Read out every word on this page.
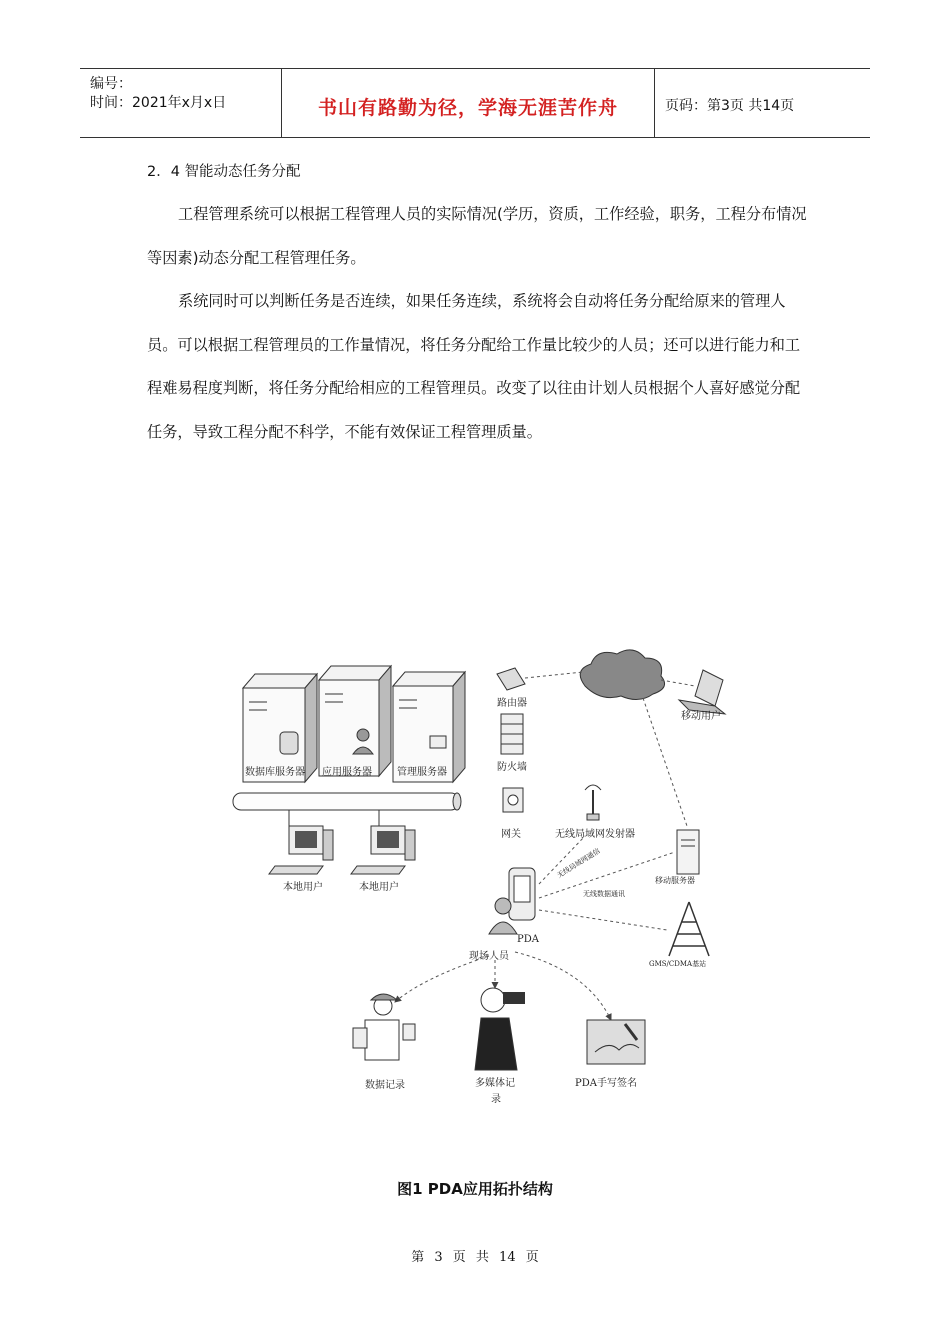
编号：
时间：2021年x月x日	书山有路勤为径，学海无涯苦作舟	页码：第3页 共14页
2．4 智能动态任务分配

工程管理系统可以根据工程管理人员的实际情况(学历，资质，工作经验，职务，工程分布情况等因素)动态分配工程管理任务。

系统同时可以判断任务是否连续，如果任务连续，系统将会自动将任务分配给原来的管理人员。可以根据工程管理员的工作量情况，将任务分配给工作量比较少的人员；还可以进行能力和工程难易程度判断，将任务分配给相应的工程管理员。改变了以往由计划人员根据个人喜好感觉分配任务，导致工程分配不科学，不能有效保证工程管理质量。

数据库服务器 应用服务器	管理服务器
本地用户	本地用户
路由器
防火墙
网关	无线局域网发射器
移动用户
移动服务器
GMS/CDMA基站
PDA
现场人员
无线局域网通信
无线数据通讯
数据记录	多媒体记
录
PDA手写签名
图1 PDA应用拓扑结构
第 3 页 共 14 页
